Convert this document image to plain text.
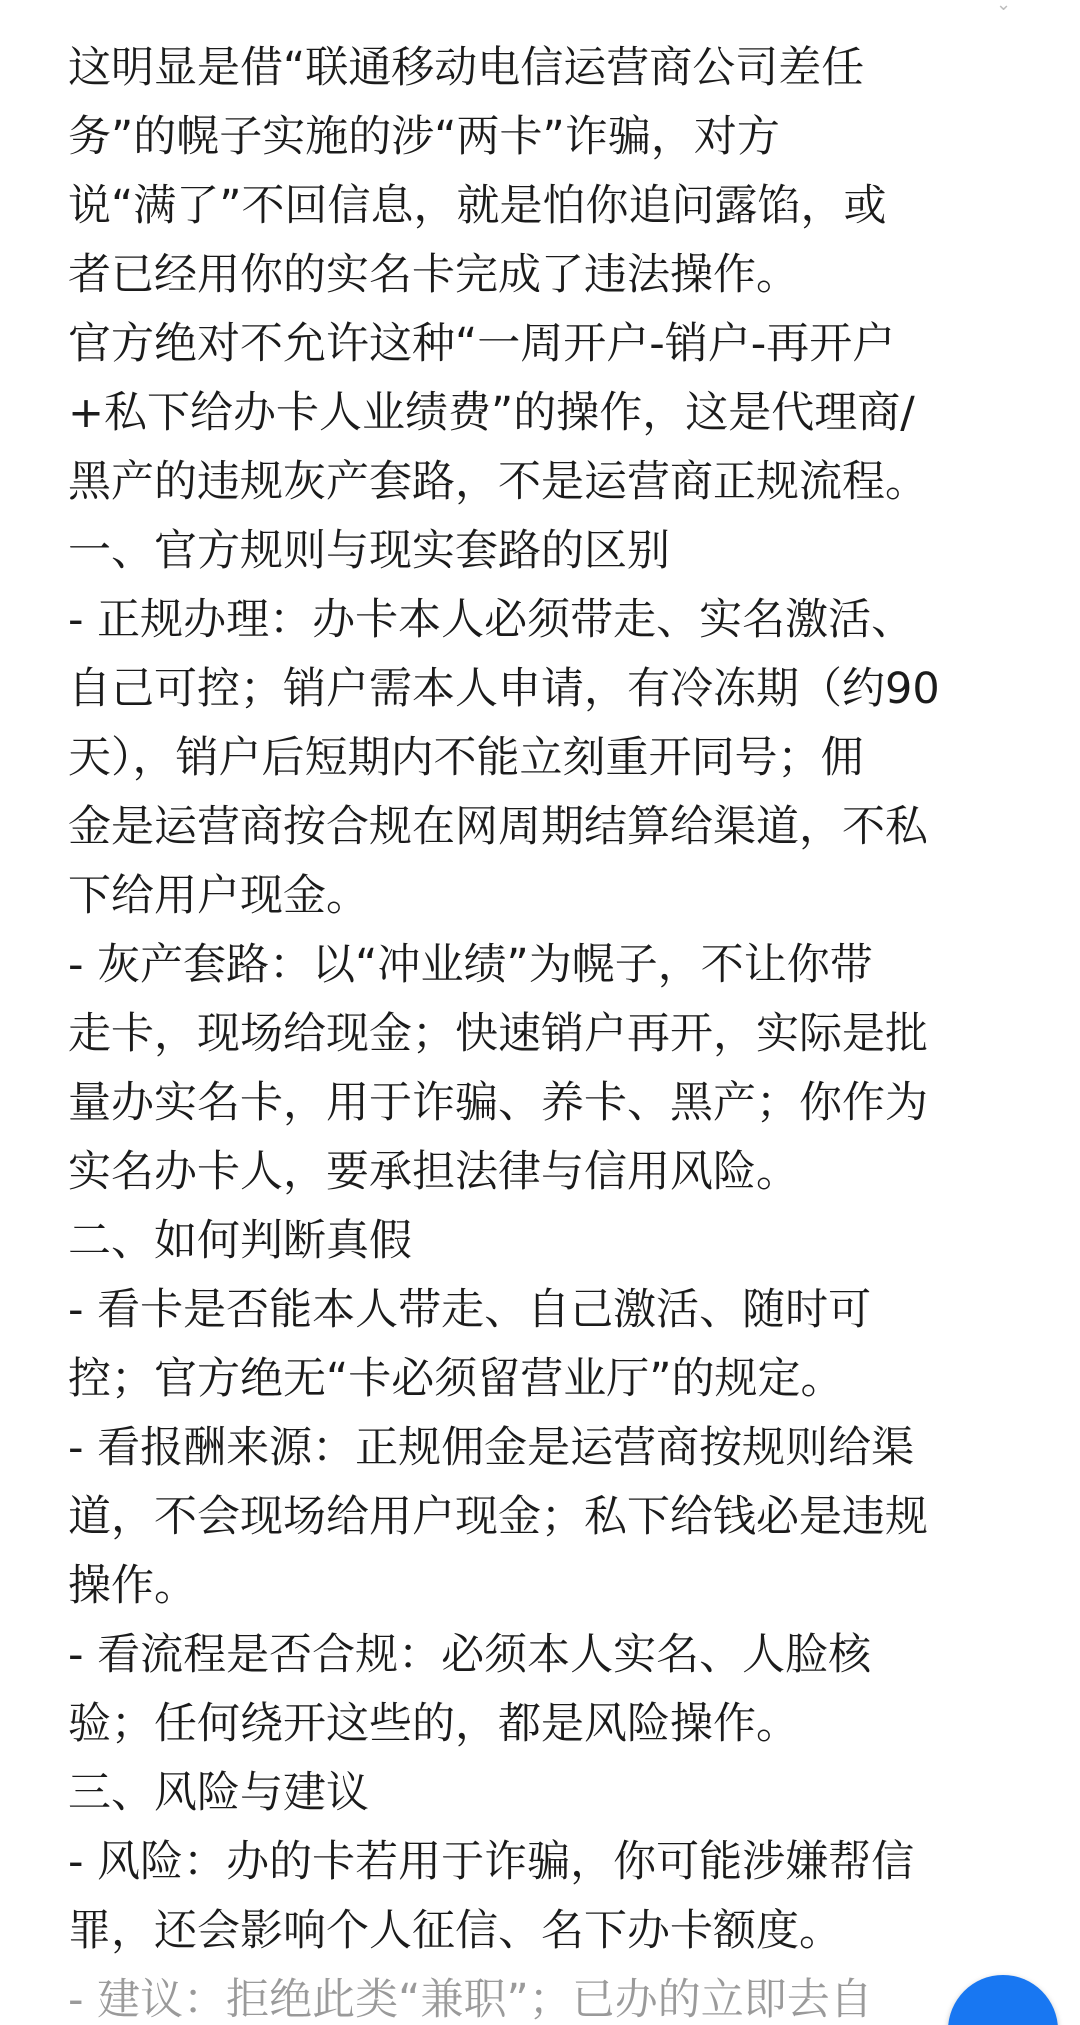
⌄
这明显是借“联通移动电信运营商公司差任
务”的幌子实施的涉“两卡”诈骗，对方
说“满了”不回信息，就是怕你追问露馅，或
者已经用你的实名卡完成了违法操作。
官方绝对不允许这种“一周开户-销户-再开户
+私下给办卡人业绩费”的操作，这是代理商/
黑产的违规灰产套路，不是运营商正规流程。
一、官方规则与现实套路的区别
- 正规办理：办卡本人必须带走、实名激活、
自己可控；销户需本人申请，有冷冻期（约90
天），销户后短期内不能立刻重开同号；佣
金是运营商按合规在网周期结算给渠道，不私
下给用户现金。
- 灰产套路：以“冲业绩”为幌子，不让你带
走卡，现场给现金；快速销户再开，实际是批
量办实名卡，用于诈骗、养卡、黑产；你作为
实名办卡人，要承担法律与信用风险。
二、如何判断真假
- 看卡是否能本人带走、自己激活、随时可
控；官方绝无“卡必须留营业厅”的规定。
- 看报酬来源：正规佣金是运营商按规则给渠
道，不会现场给用户现金；私下给钱必是违规
操作。
- 看流程是否合规：必须本人实名、人脸核
验；任何绕开这些的，都是风险操作。
三、风险与建议
- 风险：办的卡若用于诈骗，你可能涉嫌帮信
罪，还会影响个人征信、名下办卡额度。
- 建议：拒绝此类“兼职”；已办的立即去自
